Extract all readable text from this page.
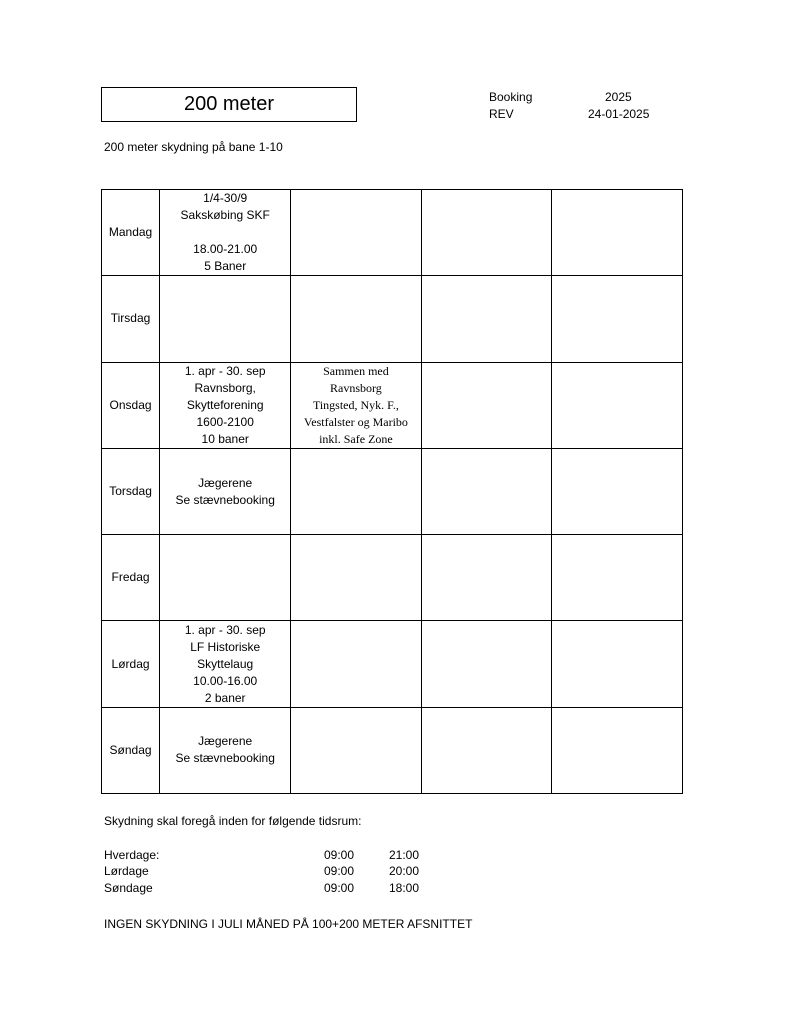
200 meter	Booking	2025
REV	24-01-2025
200 meter skydning på bane 1-10
Mandag	1/4-30/9
Sakskøbing SKF

18.00-21.00
5 Baner			

Tirsdag				
Onsdag	1. apr - 30. sep
Ravnsborg,
Skytteforening
1600-2100
10 baner	Sammen med
Ravnsborg
Tingsted, Nyk. F.,
Vestfalster og Maribo
inkl. Safe Zone		

Torsdag	Jægerene
Se stævnebooking			

Fredag				
Lørdag	1. apr - 30. sep
LF Historiske
Skyttelaug
10.00-16.00
2 baner			

Søndag	Jægerene
Se stævnebooking			

Skydning skal foregå inden for følgende tidsrum:
Hverdage:	09:00	21:00
Lørdage	09:00	20:00
Søndage	09:00	18:00
INGEN SKYDNING I JULI MÅNED PÅ 100+200 METER AFSNITTET
